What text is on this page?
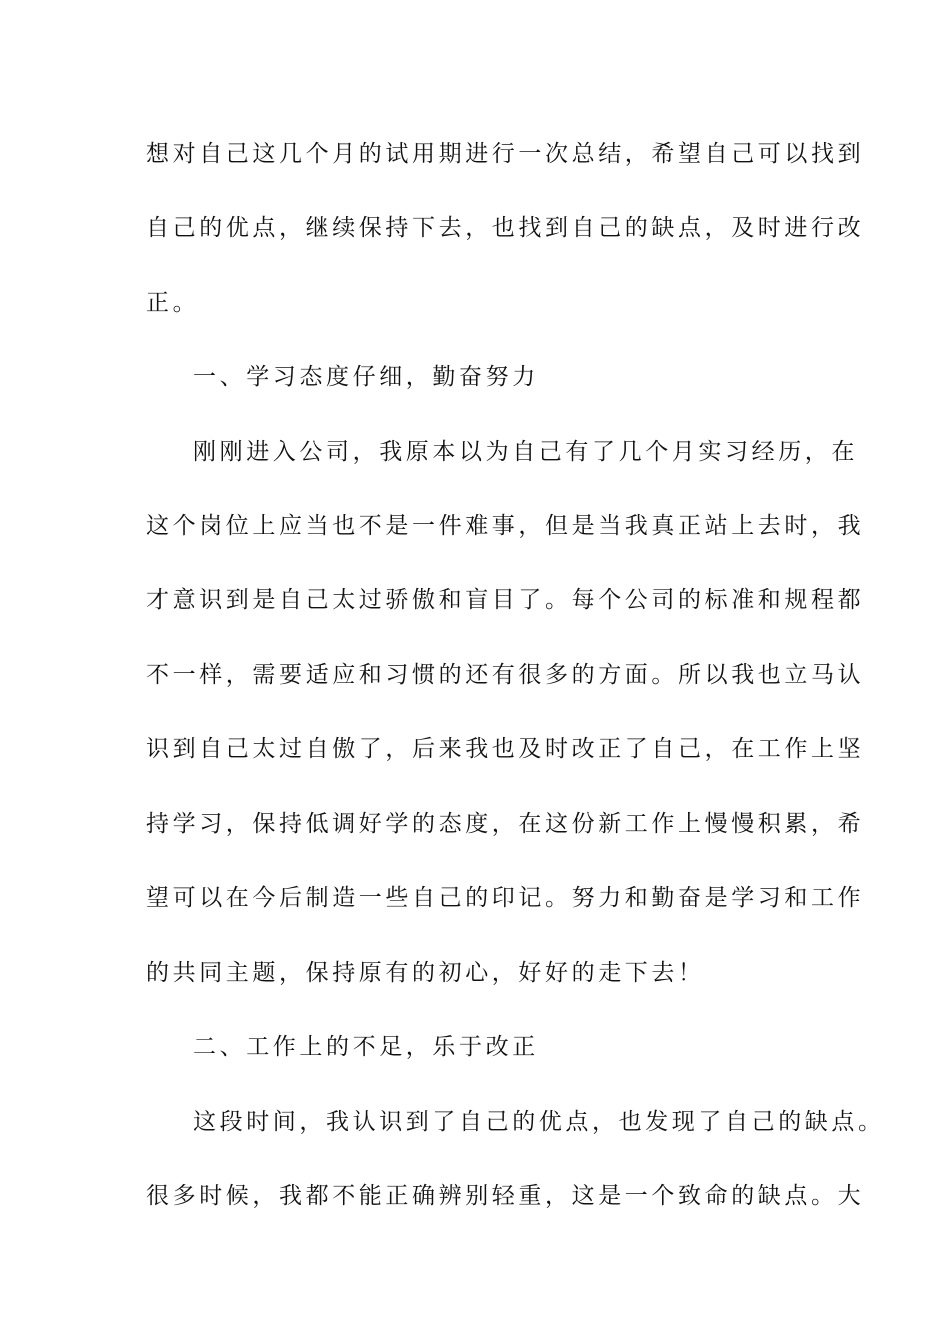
想对自己这几个月的试用期进行一次总结，希望自己可以找到
自己的优点，继续保持下去，也找到自己的缺点，及时进行改
正。
一、学习态度仔细，勤奋努力
刚刚进入公司，我原本以为自己有了几个月实习经历，在
这个岗位上应当也不是一件难事，但是当我真正站上去时，我
才意识到是自己太过骄傲和盲目了。每个公司的标准和规程都
不一样，需要适应和习惯的还有很多的方面。所以我也立马认
识到自己太过自傲了，后来我也及时改正了自己，在工作上坚
持学习，保持低调好学的态度，在这份新工作上慢慢积累，希
望可以在今后制造一些自己的印记。努力和勤奋是学习和工作
的共同主题，保持原有的初心，好好的走下去！
二、工作上的不足，乐于改正
这段时间，我认识到了自己的优点，也发现了自己的缺点。
很多时候，我都不能正确辨别轻重，这是一个致命的缺点。大
